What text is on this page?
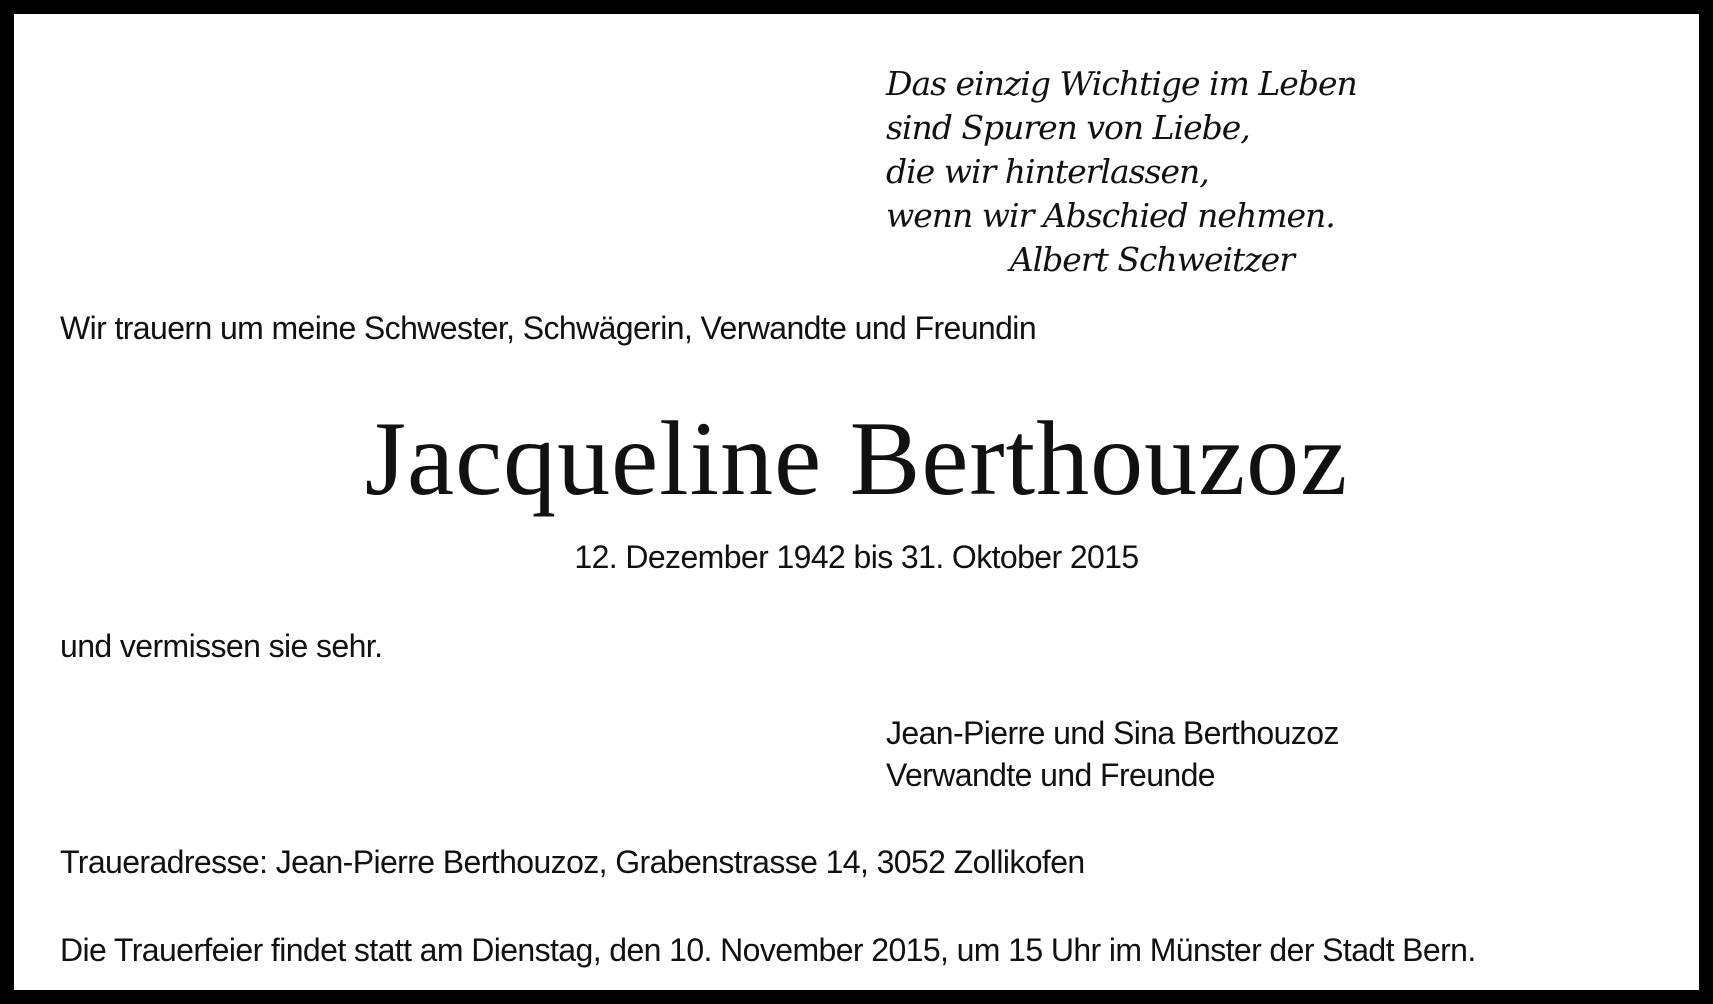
Das einzig Wichtige im Leben
sind Spuren von Liebe,
die wir hinterlassen,
wenn wir Abschied nehmen.
Albert Schweitzer

Wir trauern um meine Schwester, Schwägerin, Verwandte und Freundin

Jacqueline Berthouzoz

12. Dezember 1942 bis 31. Oktober 2015

und vermissen sie sehr.

Jean-Pierre und Sina Berthouzoz
Verwandte und Freunde

Traueradresse: Jean-Pierre Berthouzoz, Grabenstrasse 14, 3052 Zollikofen

Die Trauerfeier findet statt am Dienstag, den 10. November 2015, um 15 Uhr im Münster der Stadt Bern.
